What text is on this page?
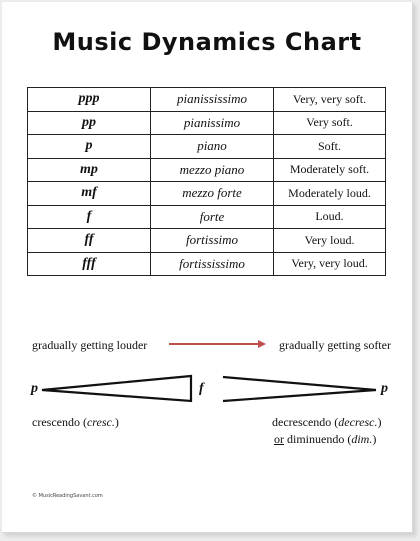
Music Dynamics Chart
ppp	pianississimo	Very, very soft.
pp	pianissimo	Very soft.
p	piano	Soft.
mp	mezzo piano	Moderately soft.
mf	mezzo forte	Moderately loud.
f	forte	Loud.
ff	fortissimo	Very loud.
fff	fortississimo	Very, very loud.
gradually getting louder	gradually getting softer
p	f	p
crescendo (cresc.)	decrescendo (decresc.)
or diminuendo (dim.)
© MusicReadingSavant.com
